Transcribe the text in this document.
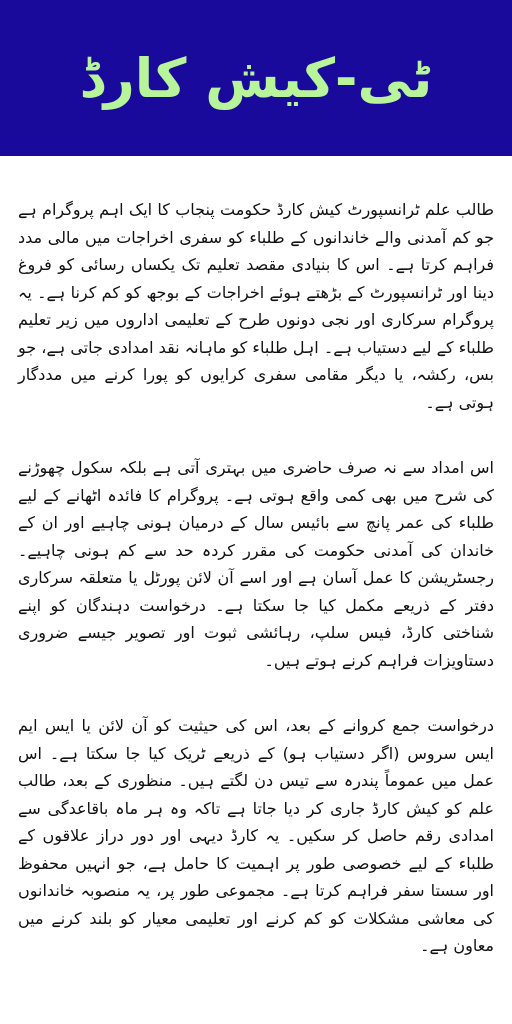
ٹی-کیش کارڈ

طالب علم ٹرانسپورٹ کیش کارڈ حکومت پنجاب کا ایک اہم پروگرام ہے جو کم آمدنی والے خاندانوں کے طلباء کو سفری اخراجات میں مالی مدد فراہم کرتا ہے۔ اس کا بنیادی مقصد تعلیم تک یکساں رسائی کو فروغ دینا اور ٹرانسپورٹ کے بڑھتے ہوئے اخراجات کے بوجھ کو کم کرنا ہے۔ یہ پروگرام سرکاری اور نجی دونوں طرح کے تعلیمی اداروں میں زیر تعلیم طلباء کے لیے دستیاب ہے۔ اہل طلباء کو ماہانہ نقد امدادی جاتی ہے، جو بس، رکشہ، یا دیگر مقامی سفری کرایوں کو پورا کرنے میں مددگار ہوتی ہے۔

اس امداد سے نہ صرف حاضری میں بہتری آتی ہے بلکہ سکول چھوڑنے کی شرح میں بھی کمی واقع ہوتی ہے۔ پروگرام کا فائدہ اٹھانے کے لیے طلباء کی عمر پانچ سے بائیس سال کے درمیان ہونی چاہیے اور ان کے خاندان کی آمدنی حکومت کی مقرر کردہ حد سے کم ہونی چاہیے۔ رجسٹریشن کا عمل آسان ہے اور اسے آن لائن پورٹل یا متعلقہ سرکاری دفتر کے ذریعے مکمل کیا جا سکتا ہے۔ درخواست دہندگان کو اپنے شناختی کارڈ، فیس سلپ، رہائشی ثبوت اور تصویر جیسے ضروری دستاویزات فراہم کرنے ہوتے ہیں۔

درخواست جمع کروانے کے بعد، اس کی حیثیت کو آن لائن یا ایس ایم ایس سروس (اگر دستیاب ہو) کے ذریعے ٹریک کیا جا سکتا ہے۔ اس عمل میں عموماً پندرہ سے تیس دن لگتے ہیں۔ منظوری کے بعد، طالب علم کو کیش کارڈ جاری کر دیا جاتا ہے تاکہ وہ ہر ماہ باقاعدگی سے امدادی رقم حاصل کر سکیں۔ یہ کارڈ دیہی اور دور دراز علاقوں کے طلباء کے لیے خصوصی طور پر اہمیت کا حامل ہے، جو انہیں محفوظ اور سستا سفر فراہم کرتا ہے۔ مجموعی طور پر، یہ منصوبہ خاندانوں کی معاشی مشکلات کو کم کرنے اور تعلیمی معیار کو بلند کرنے میں معاون ہے۔
